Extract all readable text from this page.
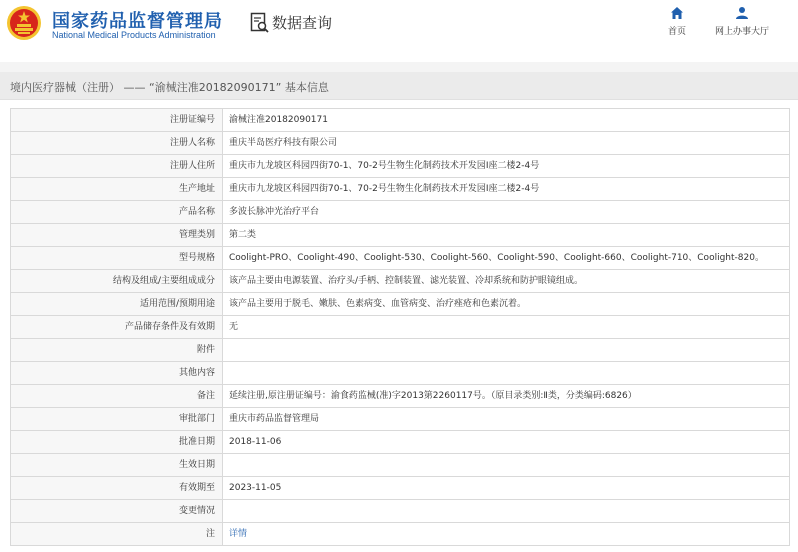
国家药品监督管理局
National Medical Products Administration
数据查询	首页	网上办事大厅
境内医疗器械（注册） —— “渝械注准20182090171” 基本信息
注册证编号	渝械注准20182090171
注册人名称	重庆半岛医疗科技有限公司
注册人住所	重庆市九龙坡区科园四街70-1、70-2号生物生化制药技术开发园Ⅰ座二楼2-4号
生产地址	重庆市九龙坡区科园四街70-1、70-2号生物生化制药技术开发园I座二楼2-4号
产品名称	多波长脉冲光治疗平台
管理类别	第二类
型号规格	Coolight-PRO、Coolight-490、Coolight-530、Coolight-560、Coolight-590、Coolight-660、Coolight-710、Coolight-820。
结构及组成/主要组成成分	该产品主要由电源装置、治疗头/手柄、控制装置、滤光装置、冷却系统和防护眼镜组成。
适用范围/预期用途	该产品主要用于脱毛、嫩肤、色素病变、血管病变、治疗痤疮和色素沉着。
产品储存条件及有效期	无
附件
其他内容
备注	延续注册,原注册证编号：渝食药监械(准)字2013第2260117号。（原目录类别:Ⅱ类，分类编码:6826）
审批部门	重庆市药品监督管理局
批准日期	2018-11-06
生效日期
有效期至	2023-11-05
变更情况
注	详情
